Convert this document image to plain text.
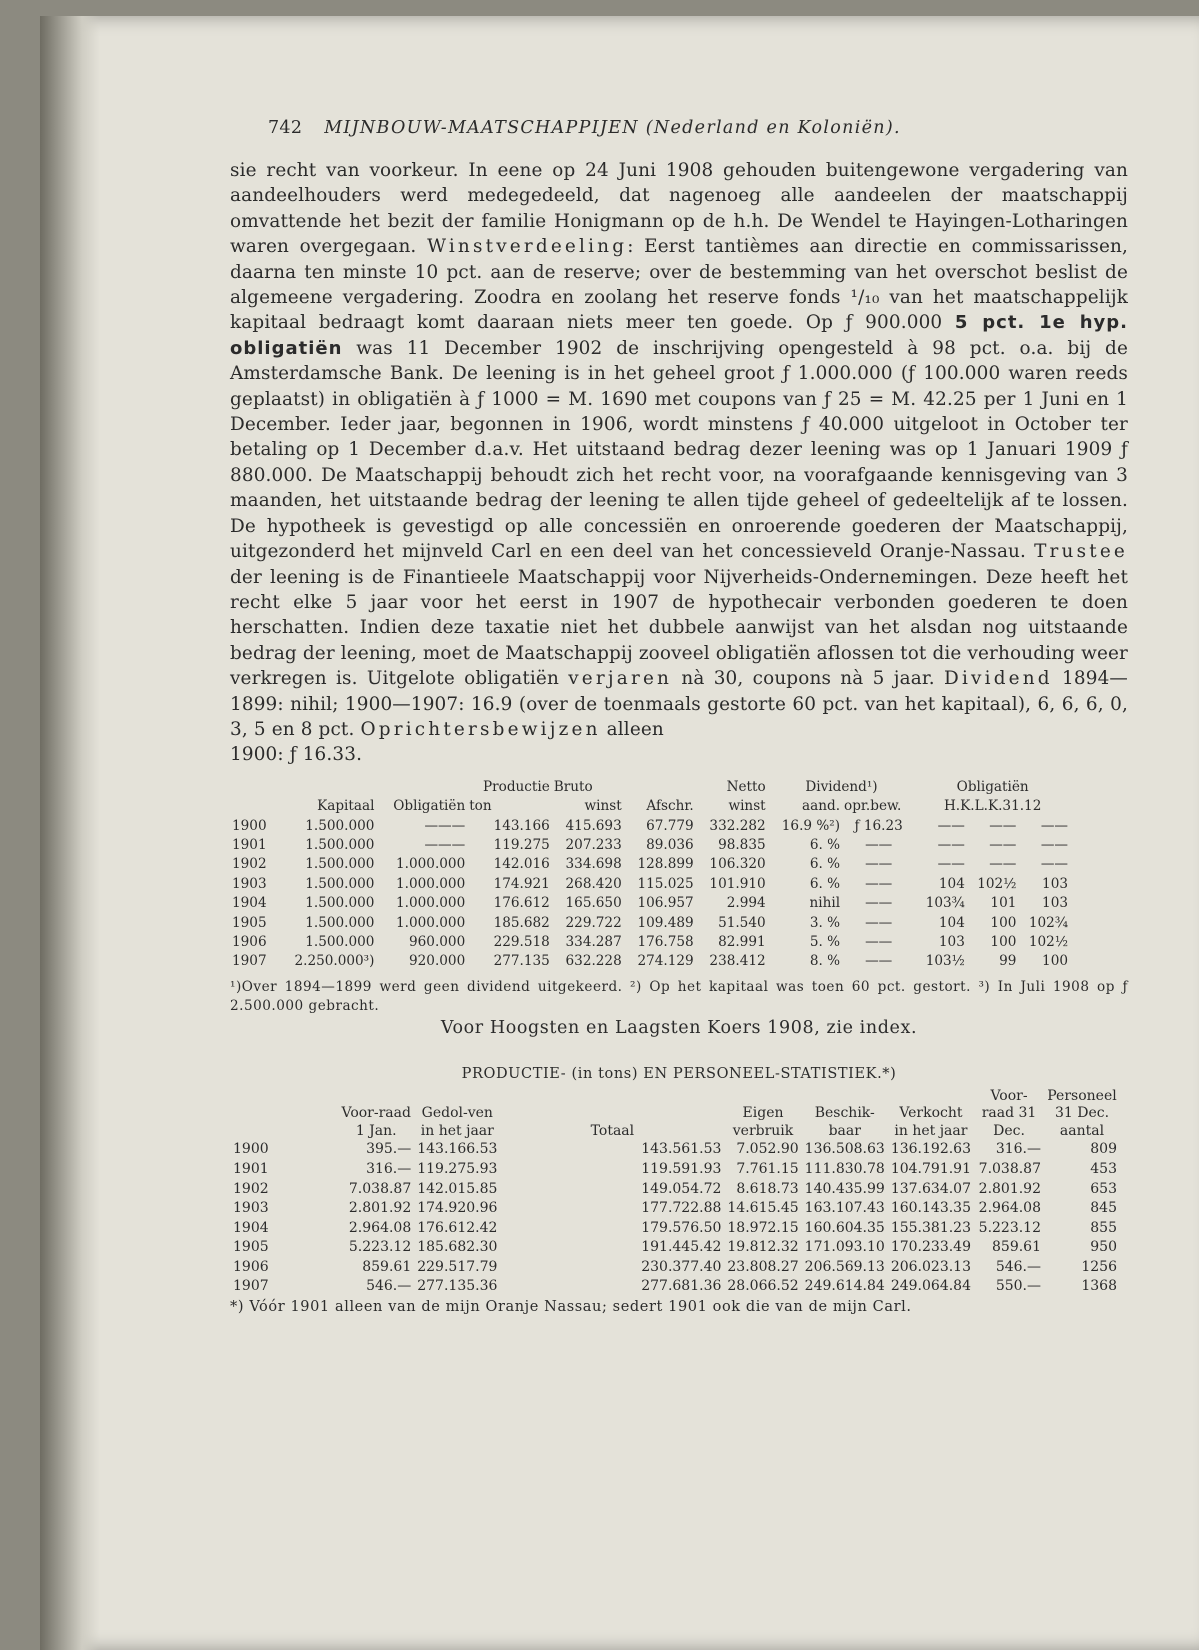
742 MIJNBOUW-MAATSCHAPPIJEN (Nederland en Koloniën).

sie recht van voorkeur. In eene op 24 Juni 1908 gehouden buitengewone vergadering van aandeelhouders werd medegedeeld, dat nagenoeg alle aandeelen der maatschappij omvattende het bezit der familie Honigmann op de h.h. De Wendel te Hayingen-Lotharingen waren overgegaan. Winstverdeeling: Eerst tantièmes aan directie en commissarissen, daarna ten minste 10 pct. aan de reserve; over de bestemming van het overschot beslist de algemeene vergadering. Zoodra en zoolang het reserve fonds ¹/₁₀ van het maatschappelijk kapitaal bedraagt komt daaraan niets meer ten goede. Op ƒ 900.000 5 pct. 1e hyp. obligatiën was 11 December 1902 de inschrijving opengesteld à 98 pct. o.a. bij de Amsterdamsche Bank. De leening is in het geheel groot ƒ 1.000.000 (ƒ 100.000 waren reeds geplaatst) in obligatiën à ƒ 1000 = M. 1690 met coupons van ƒ 25 = M. 42.25 per 1 Juni en 1 December. Ieder jaar, begonnen in 1906, wordt minstens ƒ 40.000 uitgeloot in October ter betaling op 1 December d.a.v. Het uitstaand bedrag dezer leening was op 1 Januari 1909 ƒ 880.000. De Maatschappij behoudt zich het recht voor, na voorafgaande kennisgeving van 3 maanden, het uitstaande bedrag der leening te allen tijde geheel of gedeeltelijk af te lossen. De hypotheek is gevestigd op alle concessiën en onroerende goederen der Maatschappij, uitgezonderd het mijnveld Carl en een deel van het concessieveld Oranje-Nassau. Trustee der leening is de Finantieele Maatschappij voor Nijverheids-Ondernemingen. Deze heeft het recht elke 5 jaar voor het eerst in 1907 de hypothecair verbonden goederen te doen herschatten. Indien deze taxatie niet het dubbele aanwijst van het alsdan nog uitstaande bedrag der leening, moet de Maatschappij zooveel obligatiën aflossen tot die verhouding weer verkregen is. Uitgelote obligatiën verjaren nà 30, coupons nà 5 jaar. Dividend 1894—1899: nihil; 1900—1907: 16.9 (over de toenmaals gestorte 60 pct. van het kapitaal), 6, 6, 6, 0, 3, 5 en 8 pct. Oprichtersbewijzen alleen
1900: ƒ 16.33.

			Productie	Bruto		Netto	Dividend¹)		Obligatiën		
	Kapitaal	Obligatiën	ton	winst	Afschr.	winst	aand.	opr.bew.	H.K.L.K.31.12		
1900	1.500.000	———	143.166	415.693	67.779	332.282	16.9 %²)	ƒ 16.23	——	——	——
1901	1.500.000	———	119.275	207.233	89.036	98.835	6. %	——	——	——	——
1902	1.500.000	1.000.000	142.016	334.698	128.899	106.320	6. %	——	——	——	——
1903	1.500.000	1.000.000	174.921	268.420	115.025	101.910	6. %	——	104	102½	103
1904	1.500.000	1.000.000	176.612	165.650	106.957	2.994	nihil	——	103¾	101	103
1905	1.500.000	1.000.000	185.682	229.722	109.489	51.540	3. %	——	104	100	102¾
1906	1.500.000	960.000	229.518	334.287	176.758	82.991	5. %	——	103	100	102½
1907	2.250.000³)	920.000	277.135	632.228	274.129	238.412	8. %	——	103½	99	100
¹)Over 1894—1899 werd geen dividend uitgekeerd. ²) Op het kapitaal was toen 60 pct. gestort. ³) In Juli 1908 op ƒ 2.500.000 gebracht.
Voor Hoogsten en Laagsten Koers 1908, zie index.
PRODUCTIE- (in tons) EN PERSONEEL-STATISTIEK.*)
	Voor-raad 1 Jan.	Gedol-ven in het jaar	Totaal	Eigen verbruik	Beschik-baar	Verkocht in het jaar	Voor-raad 31 Dec.	Personeel 31 Dec. aantal
1900	395.—	143.166.53	143.561.53	7.052.90	136.508.63	136.192.63	316.—	809
1901	316.—	119.275.93	119.591.93	7.761.15	111.830.78	104.791.91	7.038.87	453
1902	7.038.87	142.015.85	149.054.72	8.618.73	140.435.99	137.634.07	2.801.92	653
1903	2.801.92	174.920.96	177.722.88	14.615.45	163.107.43	160.143.35	2.964.08	845
1904	2.964.08	176.612.42	179.576.50	18.972.15	160.604.35	155.381.23	5.223.12	855
1905	5.223.12	185.682.30	191.445.42	19.812.32	171.093.10	170.233.49	859.61	950
1906	859.61	229.517.79	230.377.40	23.808.27	206.569.13	206.023.13	546.—	1256
1907	546.—	277.135.36	277.681.36	28.066.52	249.614.84	249.064.84	550.—	1368
*) Vóór 1901 alleen van de mijn Oranje Nassau; sedert 1901 ook die van de mijn Carl.
